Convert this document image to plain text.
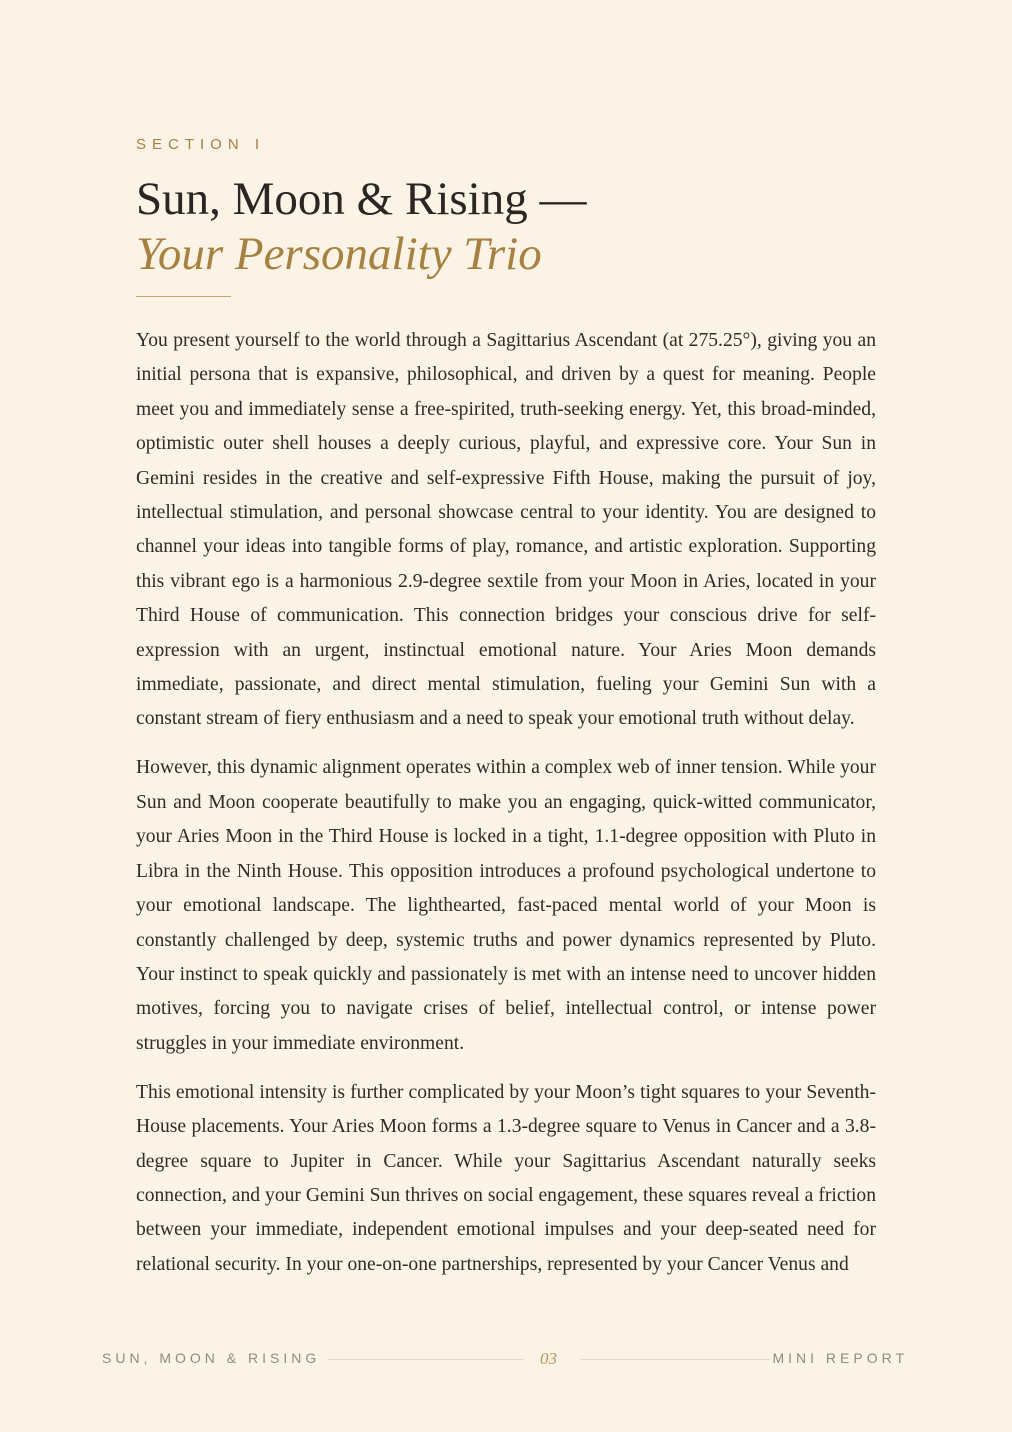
SECTION I
Sun, Moon & Rising —
Your Personality Trio

You present yourself to the world through a Sagittarius Ascendant (at 275.25°), giving you an initial persona that is expansive, philosophical, and driven by a quest for meaning. People meet you and immediately sense a free-spirited, truth-seeking energy. Yet, this broad-minded, optimistic outer shell houses a deeply curious, playful, and expressive core. Your Sun in Gemini resides in the creative and self-expressive Fifth House, making the pursuit of joy, intellectual stimulation, and personal showcase central to your identity. You are designed to channel your ideas into tangible forms of play, romance, and artistic exploration. Supporting this vibrant ego is a harmonious 2.9-degree sextile from your Moon in Aries, located in your Third House of communication. This connection bridges your conscious drive for self-expression with an urgent, instinctual emotional nature. Your Aries Moon demands immediate, passionate, and direct mental stimulation, fueling your Gemini Sun with a constant stream of fiery enthusiasm and a need to speak your emotional truth without delay.

However, this dynamic alignment operates within a complex web of inner tension. While your Sun and Moon cooperate beautifully to make you an engaging, quick-witted communicator, your Aries Moon in the Third House is locked in a tight, 1.1-degree opposition with Pluto in Libra in the Ninth House. This opposition introduces a profound psychological undertone to your emotional landscape. The lighthearted, fast-paced mental world of your Moon is constantly challenged by deep, systemic truths and power dynamics represented by Pluto. Your instinct to speak quickly and passionately is met with an intense need to uncover hidden motives, forcing you to navigate crises of belief, intellectual control, or intense power struggles in your immediate environment.

This emotional intensity is further complicated by your Moon’s tight squares to your Seventh-House placements. Your Aries Moon forms a 1.3-degree square to Venus in Cancer and a 3.8-degree square to Jupiter in Cancer. While your Sagittarius Ascendant naturally seeks connection, and your Gemini Sun thrives on social engagement, these squares reveal a friction between your immediate, independent emotional impulses and your deep-seated need for relational security. In your one-on-one partnerships, represented by your Cancer Venus and

SUN, MOON & RISING	03	MINI REPORT
